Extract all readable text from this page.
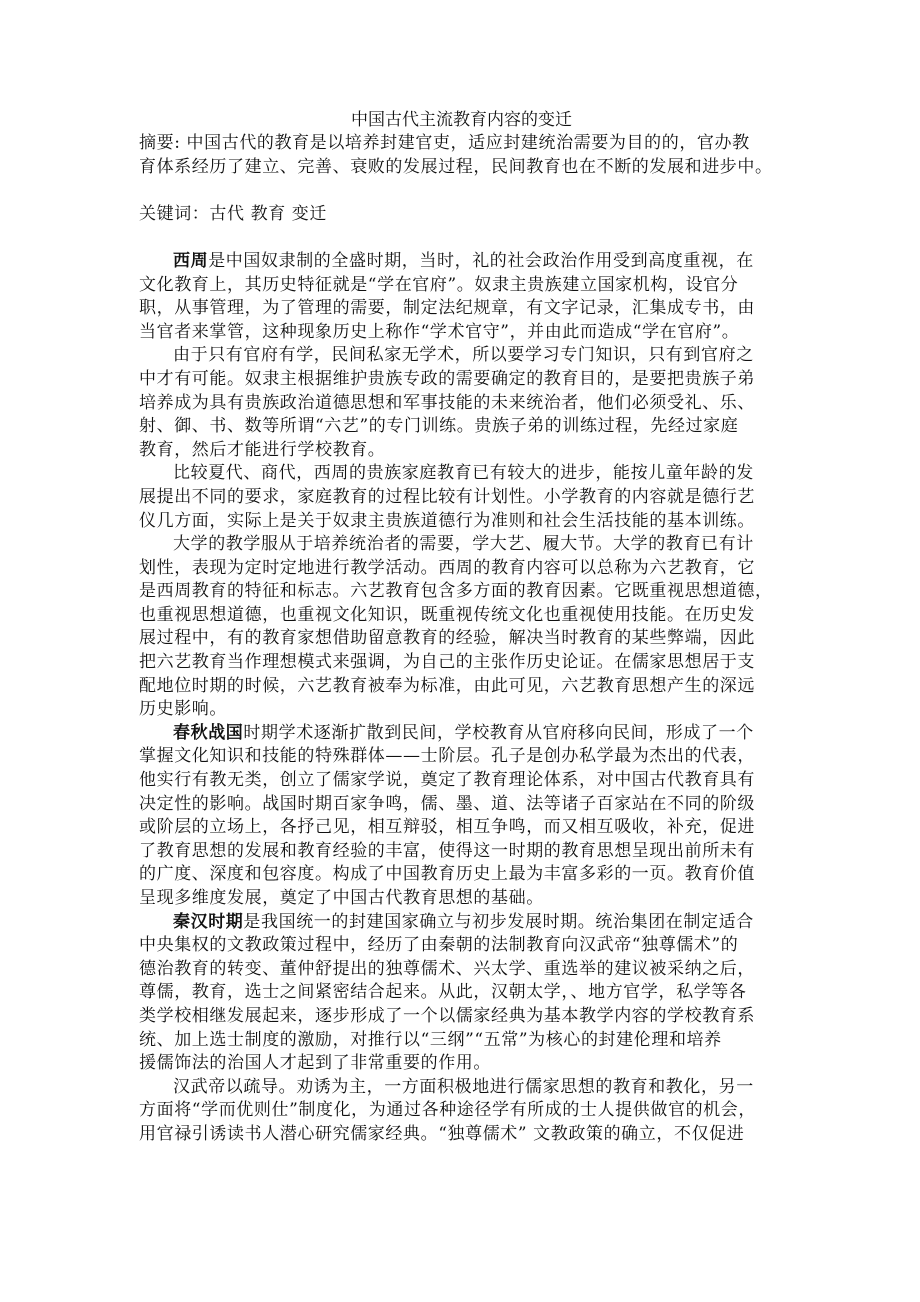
中国古代主流教育内容的变迁

摘要: 中国古代的教育是以培养封建官吏，适应封建统治需要为目的的，官办教

育体系经历了建立、完善、衰败的发展过程，民间教育也在不断的发展和进步中。

关键词：古代 教育 变迁

西周是中国奴隶制的全盛时期，当时，礼的社会政治作用受到高度重视，在

文化教育上，其历史特征就是“学在官府”。奴隶主贵族建立国家机构，设官分

职，从事管理，为了管理的需要，制定法纪规章，有文字记录，汇集成专书，由

当官者来掌管，这种现象历史上称作“学术官守”，并由此而造成“学在官府”。

由于只有官府有学，民间私家无学术，所以要学习专门知识，只有到官府之

中才有可能。奴隶主根据维护贵族专政的需要确定的教育目的，是要把贵族子弟

培养成为具有贵族政治道德思想和军事技能的未来统治者，他们必须受礼、乐、

射、御、书、数等所谓“六艺”的专门训练。贵族子弟的训练过程，先经过家庭

教育，然后才能进行学校教育。

比较夏代、商代，西周的贵族家庭教育已有较大的进步，能按儿童年龄的发

展提出不同的要求，家庭教育的过程比较有计划性。小学教育的内容就是德行艺

仪几方面，实际上是关于奴隶主贵族道德行为准则和社会生活技能的基本训练。

大学的教学服从于培养统治者的需要，学大艺、履大节。大学的教育已有计

划性，表现为定时定地进行教学活动。西周的教育内容可以总称为六艺教育，它

是西周教育的特征和标志。六艺教育包含多方面的教育因素。它既重视思想道德，

也重视思想道德，也重视文化知识，既重视传统文化也重视使用技能。在历史发

展过程中，有的教育家想借助留意教育的经验，解决当时教育的某些弊端，因此

把六艺教育当作理想模式来强调，为自己的主张作历史论证。在儒家思想居于支

配地位时期的时候，六艺教育被奉为标准，由此可见，六艺教育思想产生的深远

历史影响。

春秋战国时期学术逐渐扩散到民间，学校教育从官府移向民间，形成了一个

掌握文化知识和技能的特殊群体——士阶层。孔子是创办私学最为杰出的代表，

他实行有教无类，创立了儒家学说，奠定了教育理论体系，对中国古代教育具有

决定性的影响。战国时期百家争鸣，儒、墨、道、法等诸子百家站在不同的阶级

或阶层的立场上，各抒己见，相互辩驳，相互争鸣，而又相互吸收，补充，促进

了教育思想的发展和教育经验的丰富，使得这一时期的教育思想呈现出前所未有

的广度、深度和包容度。构成了中国教育历史上最为丰富多彩的一页。教育价值

呈现多维度发展，奠定了中国古代教育思想的基础。

秦汉时期是我国统一的封建国家确立与初步发展时期。统治集团在制定适合

中央集权的文教政策过程中，经历了由秦朝的法制教育向汉武帝“独尊儒术”的

德治教育的转变、董仲舒提出的独尊儒术、兴太学、重选举的建议被采纳之后，

尊儒，教育，选士之间紧密结合起来。从此，汉朝太学，、地方官学，私学等各

类学校相继发展起来，逐步形成了一个以儒家经典为基本教学内容的学校教育系

统、加上选士制度的激励，对推行以“三纲”“五常”为核心的封建伦理和培养

援儒饰法的治国人才起到了非常重要的作用。

汉武帝以疏导。劝诱为主，一方面积极地进行儒家思想的教育和教化，另一

方面将“学而优则仕”制度化，为通过各种途径学有所成的士人提供做官的机会，

用官禄引诱读书人潜心研究儒家经典。“独尊儒术” 文教政策的确立，不仅促进
